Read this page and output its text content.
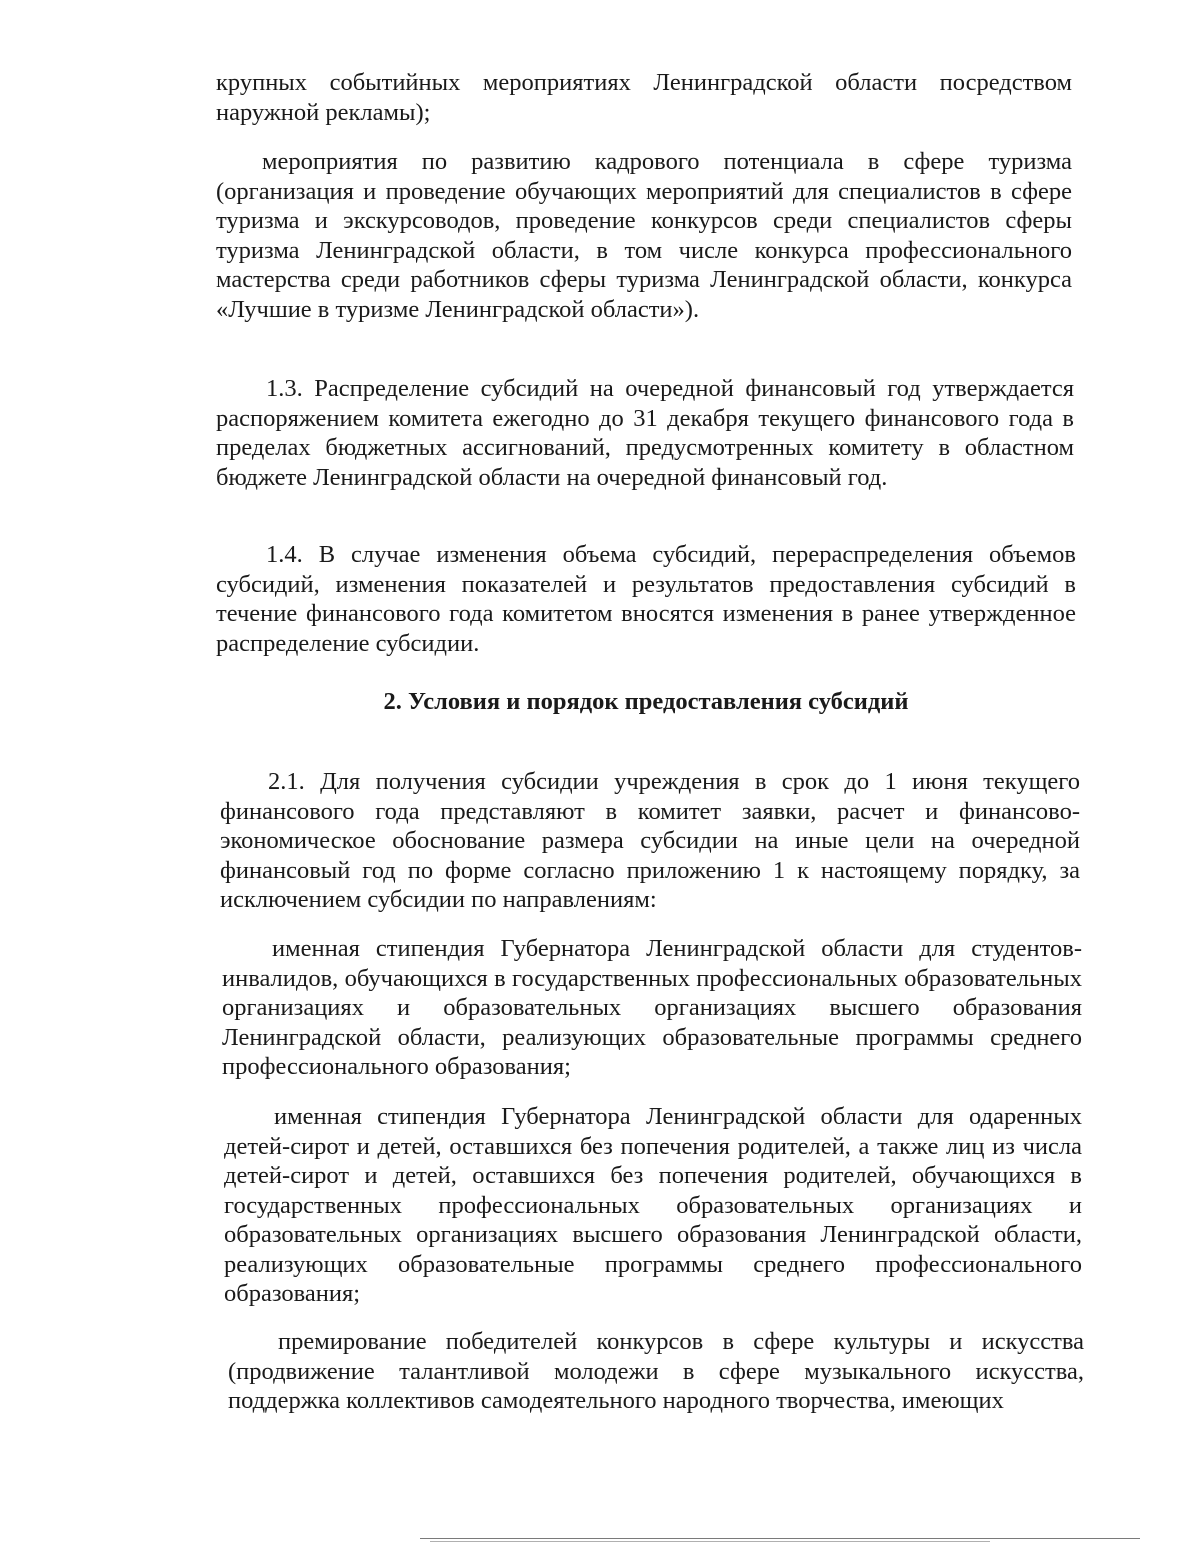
крупных событийных мероприятиях Ленинградской области посредством наружной рекламы);

мероприятия по развитию кадрового потенциала в сфере туризма (организация и проведение обучающих мероприятий для специалистов в сфере туризма и экскурсоводов, проведение конкурсов среди специалистов сферы туризма Ленинградской области, в том числе конкурса профессионального мастерства среди работников сферы туризма Ленинградской области, конкурса «Лучшие в туризме Ленинградской области»).

1.3. Распределение субсидий на очередной финансовый год утверждается распоряжением комитета ежегодно до 31 декабря текущего финансового года в пределах бюджетных ассигнований, предусмотренных комитету в областном бюджете Ленинградской области на очередной финансовый год.

1.4. В случае изменения объема субсидий, перераспределения объемов субсидий, изменения показателей и результатов предоставления субсидий в течение финансового года комитетом вносятся изменения в ранее утвержденное распределение субсидии.

2. Условия и порядок предоставления субсидий

2.1. Для получения субсидии учреждения в срок до 1 июня текущего финансового года представляют в комитет заявки, расчет и финансово-экономическое обоснование размера субсидии на иные цели на очередной финансовый год по форме согласно приложению 1 к настоящему порядку, за исключением субсидии по направлениям:

именная стипендия Губернатора Ленинградской области для студентов-инвалидов, обучающихся в государственных профессиональных образовательных организациях и образовательных организациях высшего образования Ленинградской области, реализующих образовательные программы среднего профессионального образования;

именная стипендия Губернатора Ленинградской области для одаренных детей-сирот и детей, оставшихся без попечения родителей, а также лиц из числа детей-сирот и детей, оставшихся без попечения родителей, обучающихся в государственных профессиональных образовательных организациях и образовательных организациях высшего образования Ленинградской области, реализующих образовательные программы среднего профессионального образования;

премирование победителей конкурсов в сфере культуры и искусства (продвижение талантливой молодежи в сфере музыкального искусства, поддержка коллективов самодеятельного народного творчества, имеющих
